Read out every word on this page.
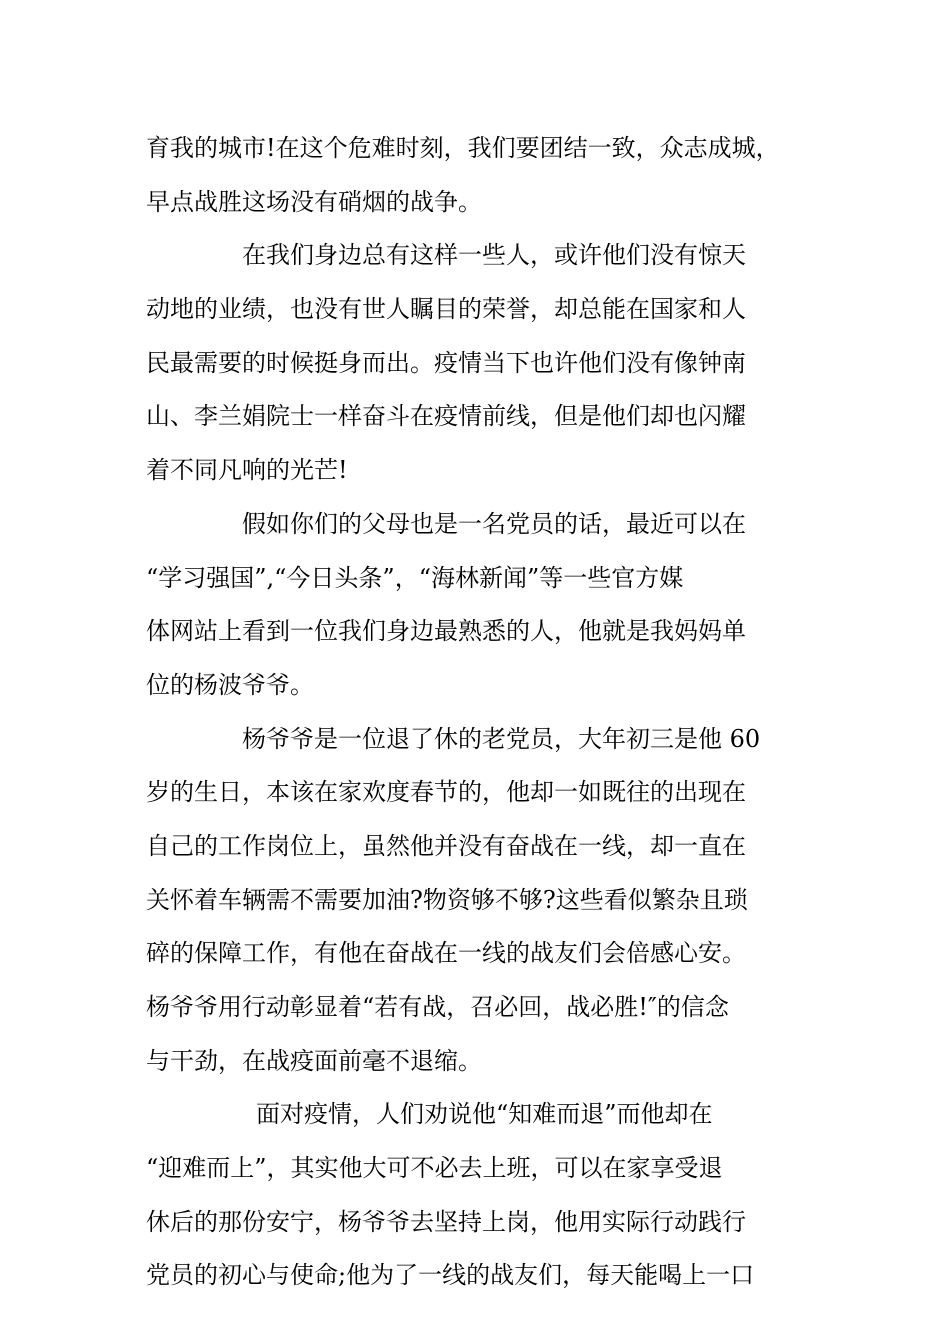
育我的城市!在这个危难时刻，我们要团结一致，众志成城，
早点战胜这场没有硝烟的战争。
在我们身边总有这样一些人，或许他们没有惊天
动地的业绩，也没有世人瞩目的荣誉，却总能在国家和人
民最需要的时候挺身而出。疫情当下也许他们没有像钟南
山、李兰娟院士一样奋斗在疫情前线，但是他们却也闪耀
着不同凡响的光芒!
假如你们的父母也是一名党员的话，最近可以在
“学习强国”,“今日头条”，“海林新闻”等一些官方媒
体网站上看到一位我们身边最熟悉的人，他就是我妈妈单
位的杨波爷爷。
杨爷爷是一位退了休的老党员，大年初三是他 60
岁的生日，本该在家欢度春节的，他却一如既往的出现在
自己的工作岗位上，虽然他并没有奋战在一线，却一直在
关怀着车辆需不需要加油?物资够不够?这些看似繁杂且琐
碎的保障工作，有他在奋战在一线的战友们会倍感心安。
杨爷爷用行动彰显着“若有战，召必回，战必胜!″的信念
与干劲，在战疫面前毫不退缩。
面对疫情，人们劝说他“知难而退”而他却在
“迎难而上”，其实他大可不必去上班，可以在家享受退
休后的那份安宁，杨爷爷去坚持上岗，他用实际行动践行
党员的初心与使命;他为了一线的战友们，每天能喝上一口
